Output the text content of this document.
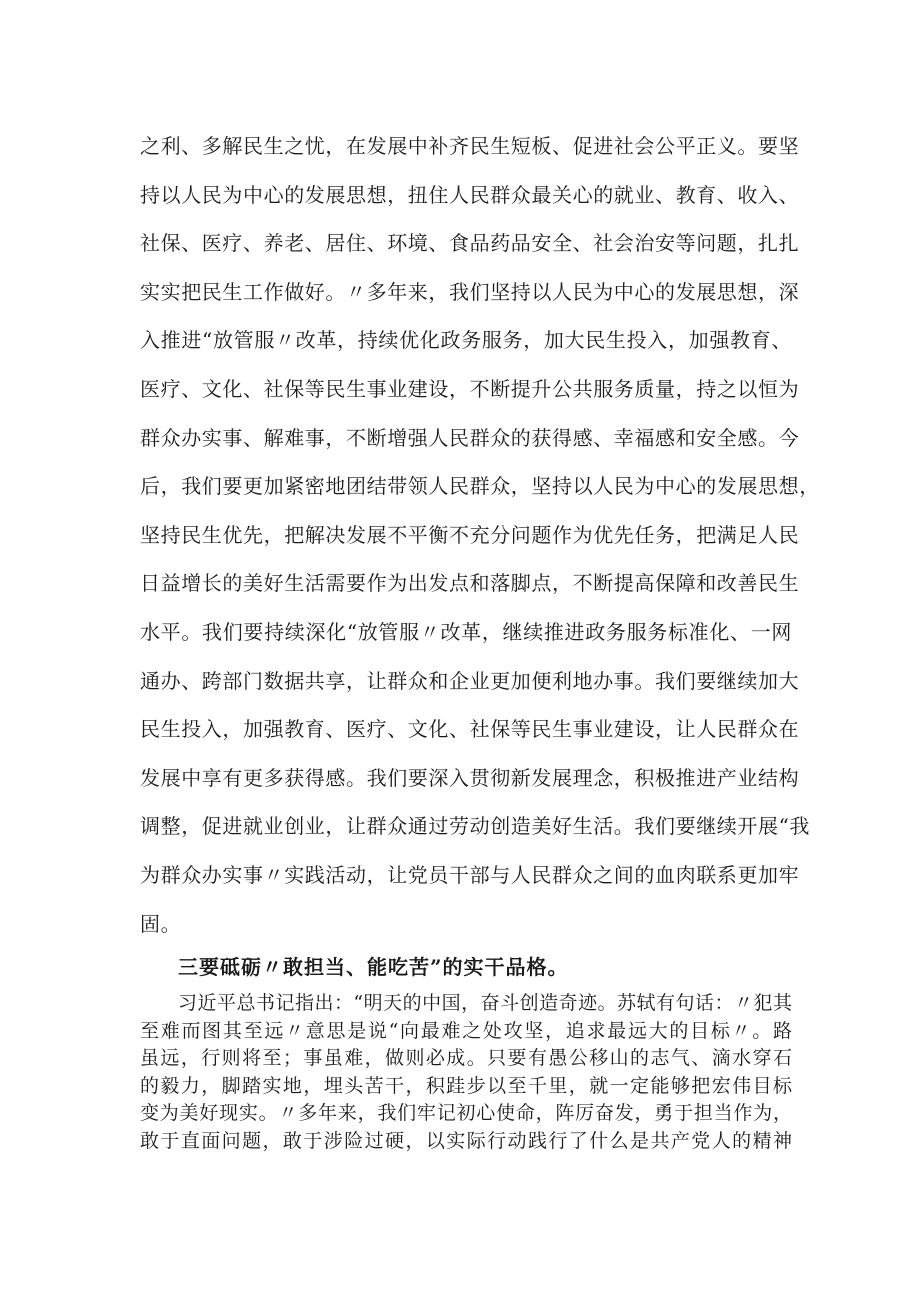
之利、多解民生之忧，在发展中补齐民生短板、促进社会公平正义。要坚
持以人民为中心的发展思想，扭住人民群众最关心的就业、教育、收入、
社保、医疗、养老、居住、环境、食品药品安全、社会治安等问题，扎扎
实实把民生工作做好。〃多年来，我们坚持以人民为中心的发展思想，深
入推进“放管服〃改革，持续优化政务服务，加大民生投入，加强教育、
医疗、文化、社保等民生事业建设，不断提升公共服务质量，持之以恒为
群众办实事、解难事，不断增强人民群众的获得感、幸福感和安全感。今
后，我们要更加紧密地团结带领人民群众，坚持以人民为中心的发展思想，
坚持民生优先，把解决发展不平衡不充分问题作为优先任务，把满足人民
日益增长的美好生活需要作为出发点和落脚点，不断提高保障和改善民生
水平。我们要持续深化“放管服〃改革，继续推进政务服务标准化、一网
通办、跨部门数据共享，让群众和企业更加便利地办事。我们要继续加大
民生投入，加强教育、医疗、文化、社保等民生事业建设，让人民群众在
发展中享有更多获得感。我们要深入贯彻新发展理念，积极推进产业结构
调整，促进就业创业，让群众通过劳动创造美好生活。我们要继续开展“我
为群众办实事〃实践活动，让党员干部与人民群众之间的血肉联系更加牢
固。
三要砥砺〃敢担当、能吃苦”的实干品格。
习近平总书记指出：“明天的中国，奋斗创造奇迹。苏轼有句话：〃犯其
至难而图其至远〃意思是说“向最难之处攻坚，追求最远大的目标〃。路
虽远，行则将至；事虽难，做则必成。只要有愚公移山的志气、滴水穿石
的毅力，脚踏实地，埋头苦干，积跬步以至千里，就一定能够把宏伟目标
变为美好现实。〃多年来，我们牢记初心使命，阵厉奋发，勇于担当作为，
敢于直面问题，敢于涉险过硬，以实际行动践行了什么是共产党人的精神
